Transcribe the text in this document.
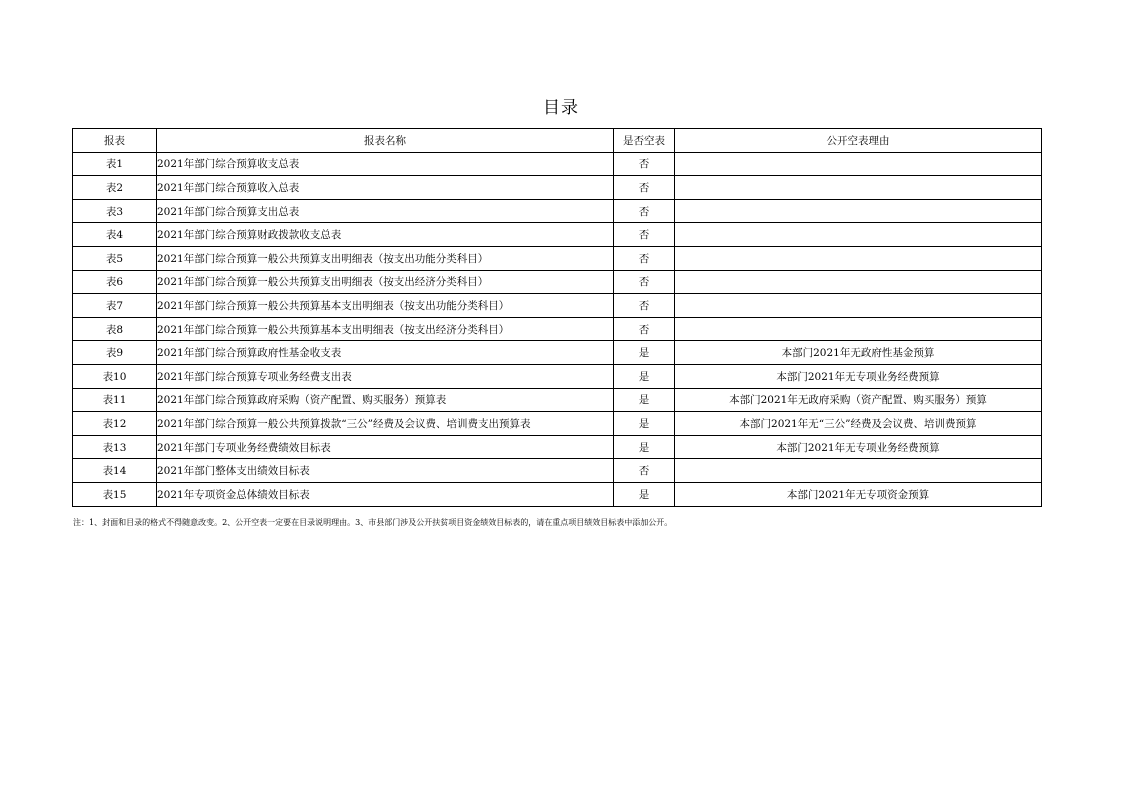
目录
报表	报表名称	是否空表	公开空表理由
表1	2021年部门综合预算收支总表	否	
表2	2021年部门综合预算收入总表	否	
表3	2021年部门综合预算支出总表	否	
表4	2021年部门综合预算财政拨款收支总表	否	
表5	2021年部门综合预算一般公共预算支出明细表（按支出功能分类科目）	否	
表6	2021年部门综合预算一般公共预算支出明细表（按支出经济分类科目）	否	
表7	2021年部门综合预算一般公共预算基本支出明细表（按支出功能分类科目）	否	
表8	2021年部门综合预算一般公共预算基本支出明细表（按支出经济分类科目）	否	
表9	2021年部门综合预算政府性基金收支表	是	本部门2021年无政府性基金预算
表10	2021年部门综合预算专项业务经费支出表	是	本部门2021年无专项业务经费预算
表11	2021年部门综合预算政府采购（资产配置、购买服务）预算表	是	本部门2021年无政府采购（资产配置、购买服务）预算
表12	2021年部门综合预算一般公共预算拨款“三公”经费及会议费、培训费支出预算表	是	本部门2021年无“三公”经费及会议费、培训费预算
表13	2021年部门专项业务经费绩效目标表	是	本部门2021年无专项业务经费预算
表14	2021年部门整体支出绩效目标表	否	
表15	2021年专项资金总体绩效目标表	是	本部门2021年无专项资金预算
注：1、封面和目录的格式不得随意改变。2、公开空表一定要在目录说明理由。3、市县部门涉及公开扶贫项目资金绩效目标表的，请在重点项目绩效目标表中添加公开。
